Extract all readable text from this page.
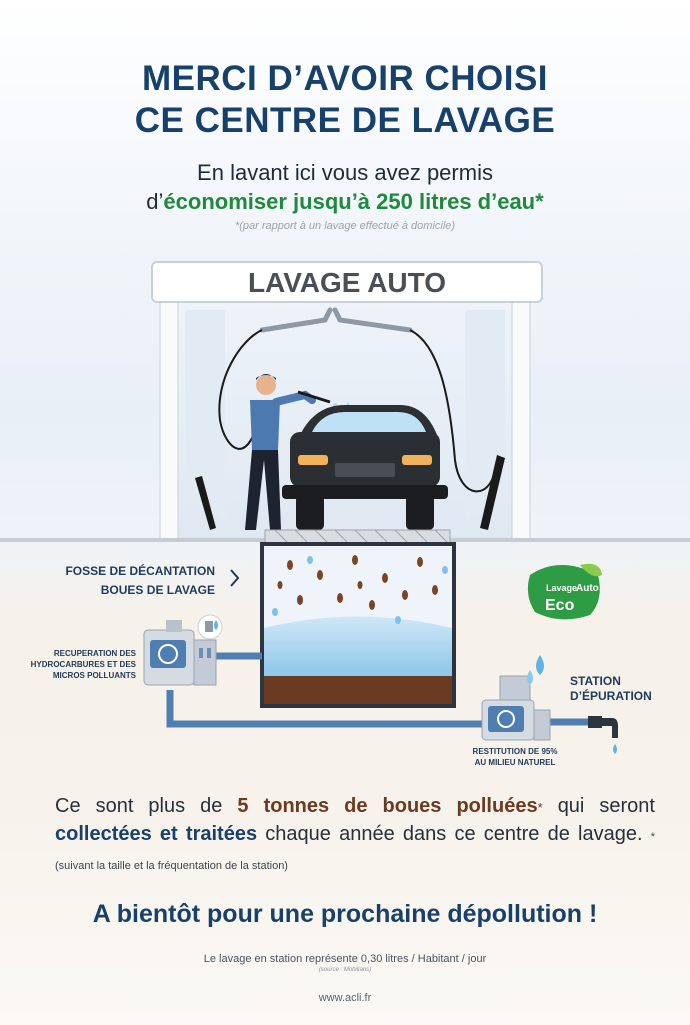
MERCI D’AVOIR CHOISI

CE CENTRE DE LAVAGE

En lavant ici vous avez permis

d’économiser jusqu’à 250 litres d’eau*

*(par rapport à un lavage effectué à domicile)

LAVAGE AUTO
Lavage
Auto
Eco
FOSSE DE DÉCANTATION
BOUES DE LAVAGE
RECUPERATION DES
HYDROCARBURES ET DES
MICROS POLLUANTS	STATION
D’ÉPURATION
RESTITUTION DE 95%
AU MILIEU NATUREL

Ce sont plus de 5 tonnes de boues polluées* qui seront collectées et traitées chaque année dans ce centre de lavage. *(suivant la taille et la fréquentation de la station)

A bientôt pour une prochaine dépollution !

Le lavage en station représente 0,30 litres / Habitant / jour

(source : Mobilians)

www.acli.fr
